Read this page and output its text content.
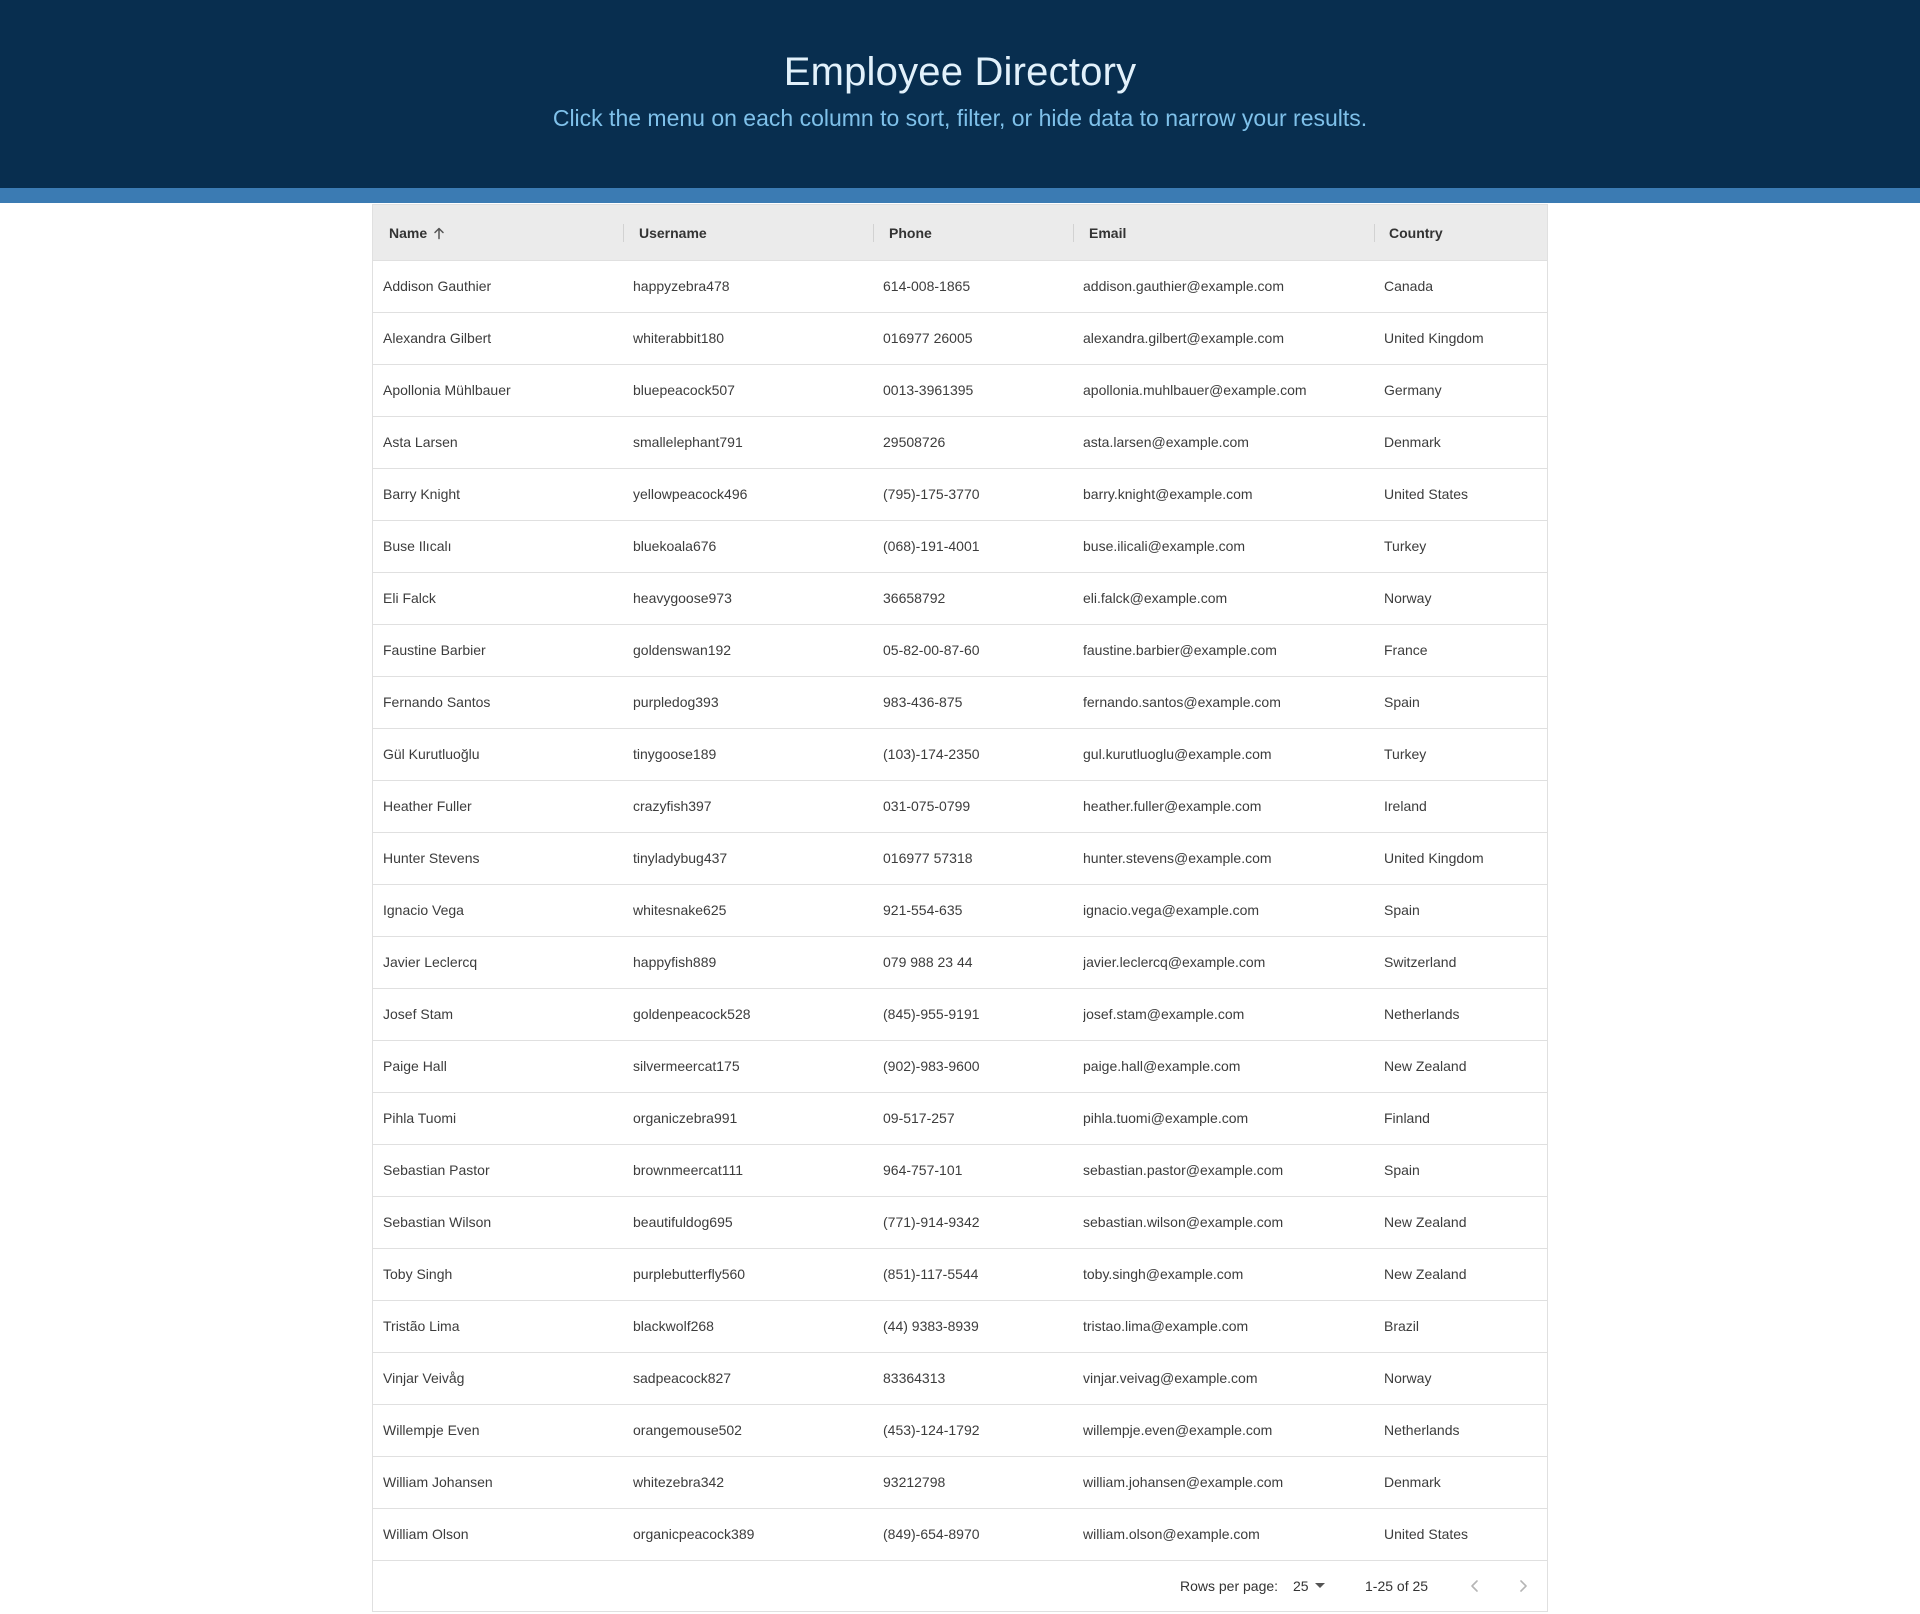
Employee Directory
Click the menu on each column to sort, filter, or hide data to narrow your results.
Name	Username	Phone	Email	Country
Addison Gauthier	happyzebra478	614-008-1865	addison.gauthier@example.com	Canada
Alexandra Gilbert	whiterabbit180	016977 26005	alexandra.gilbert@example.com	United Kingdom
Apollonia Mühlbauer	bluepeacock507	0013-3961395	apollonia.muhlbauer@example.com	Germany
Asta Larsen	smallelephant791	29508726	asta.larsen@example.com	Denmark
Barry Knight	yellowpeacock496	(795)-175-3770	barry.knight@example.com	United States
Buse Ilıcalı	bluekoala676	(068)-191-4001	buse.ilicali@example.com	Turkey
Eli Falck	heavygoose973	36658792	eli.falck@example.com	Norway
Faustine Barbier	goldenswan192	05-82-00-87-60	faustine.barbier@example.com	France
Fernando Santos	purpledog393	983-436-875	fernando.santos@example.com	Spain
Gül Kurutluoğlu	tinygoose189	(103)-174-2350	gul.kurutluoglu@example.com	Turkey
Heather Fuller	crazyfish397	031-075-0799	heather.fuller@example.com	Ireland
Hunter Stevens	tinyladybug437	016977 57318	hunter.stevens@example.com	United Kingdom
Ignacio Vega	whitesnake625	921-554-635	ignacio.vega@example.com	Spain
Javier Leclercq	happyfish889	079 988 23 44	javier.leclercq@example.com	Switzerland
Josef Stam	goldenpeacock528	(845)-955-9191	josef.stam@example.com	Netherlands
Paige Hall	silvermeercat175	(902)-983-9600	paige.hall@example.com	New Zealand
Pihla Tuomi	organiczebra991	09-517-257	pihla.tuomi@example.com	Finland
Sebastian Pastor	brownmeercat111	964-757-101	sebastian.pastor@example.com	Spain
Sebastian Wilson	beautifuldog695	(771)-914-9342	sebastian.wilson@example.com	New Zealand
Toby Singh	purplebutterfly560	(851)-117-5544	toby.singh@example.com	New Zealand
Tristão Lima	blackwolf268	(44) 9383-8939	tristao.lima@example.com	Brazil
Vinjar Veivåg	sadpeacock827	83364313	vinjar.veivag@example.com	Norway
Willempje Even	orangemouse502	(453)-124-1792	willempje.even@example.com	Netherlands
William Johansen	whitezebra342	93212798	william.johansen@example.com	Denmark
William Olson	organicpeacock389	(849)-654-8970	william.olson@example.com	United States
Rows per page: 25	1-25 of 25
